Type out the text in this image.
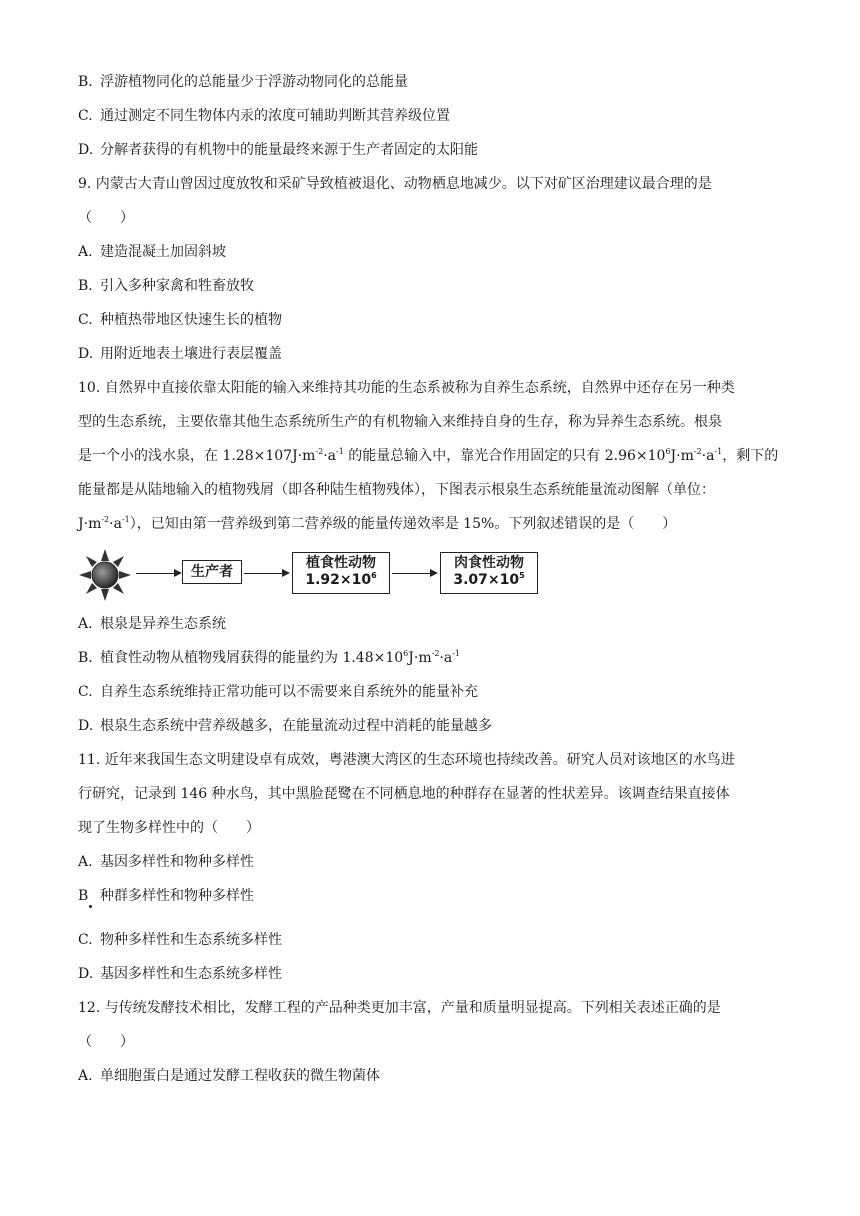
B. 浮游植物同化的总能量少于浮游动物同化的总能量
C. 通过测定不同生物体内汞的浓度可辅助判断其营养级位置
D. 分解者获得的有机物中的能量最终来源于生产者固定的太阳能
9. 内蒙古大青山曾因过度放牧和采矿导致植被退化、动物栖息地减少。以下对矿区治理建议最合理的是
（　　）
A. 建造混凝土加固斜坡
B. 引入多种家禽和牲畜放牧
C. 种植热带地区快速生长的植物
D. 用附近地表土壤进行表层覆盖
10. 自然界中直接依靠太阳能的输入来维持其功能的生态系被称为自养生态系统，自然界中还存在另一种类
型的生态系统，主要依靠其他生态系统所生产的有机物输入来维持自身的生存，称为异养生态系统。根泉
是一个小的浅水泉，在 $1.28\times 107J\cdot m^{-2}\cdot a^{-1}$ 的能量总输入中，靠光合作用固定的只有 $2.96\times 10^6J\cdot m^{-2}\cdot a^{-1}$，剩下的
能量都是从陆地输入的植物残屑（即各种陆生植物残体），下图表示根泉生态系统能量流动图解（单位：
$J\cdot m^{-2}\cdot a^{-1}$），已知由第一营养级到第二营养级的能量传递效率是 15%。下列叙述错误的是（　　）
生产者
植食性动物
$1.92\times 10^6$
肉食性动物
$3.07\times 10^5$
A. 根泉是异养生态系统
B. 植食性动物从植物残屑获得的能量约为 $1.48\times 10^6J\cdot m^{-2}\cdot a^{-1}$
C. 自养生态系统维持正常功能可以不需要来自系统外的能量补充
D. 根泉生态系统中营养级越多，在能量流动过程中消耗的能量越多
11. 近年来我国生态文明建设卓有成效，粤港澳大湾区的生态环境也持续改善。研究人员对该地区的水鸟进
行研究，记录到 146 种水鸟，其中黑脸琵鹭在不同栖息地的种群存在显著的性状差异。该调查结果直接体
现了生物多样性中的（　　）
A. 基因多样性和物种多样性
B 种群多样性和物种多样性
C. 物种多样性和生态系统多样性
D. 基因多样性和生态系统多样性
12. 与传统发酵技术相比，发酵工程的产品种类更加丰富，产量和质量明显提高。下列相关表述正确的是
（　　）
A. 单细胞蛋白是通过发酵工程收获的微生物菌体
